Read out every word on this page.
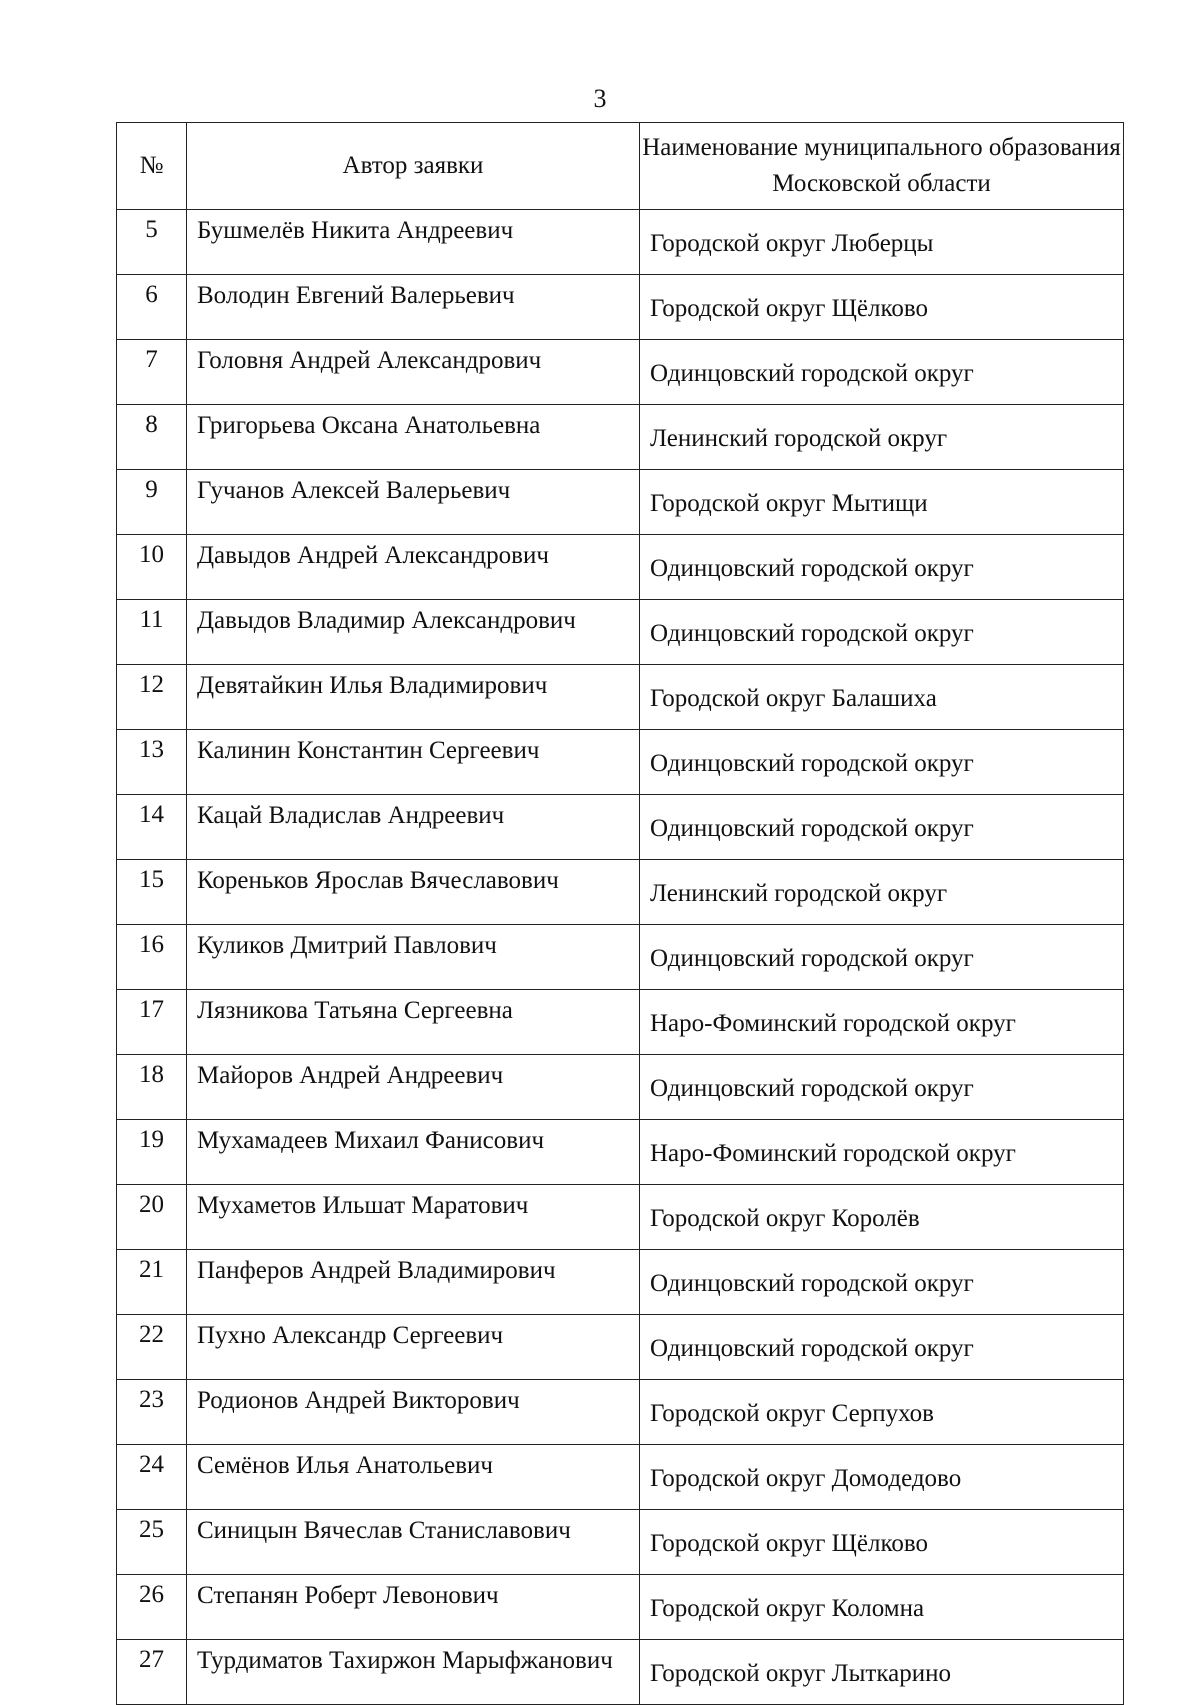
3
№	Автор заявки	Наименование муниципального образования Московской области
5	Бушмелёв Никита Андреевич	Городской округ Люберцы
6	Володин Евгений Валерьевич	Городской округ Щёлково
7	Головня Андрей Александрович	Одинцовский городской округ
8	Григорьева Оксана Анатольевна	Ленинский городской округ
9	Гучанов Алексей Валерьевич	Городской округ Мытищи
10	Давыдов Андрей Александрович	Одинцовский городской округ
11	Давыдов Владимир Александрович	Одинцовский городской округ
12	Девятайкин Илья Владимирович	Городской округ Балашиха
13	Калинин Константин Сергеевич	Одинцовский городской округ
14	Кацай Владислав Андреевич	Одинцовский городской округ
15	Кореньков Ярослав Вячеславович	Ленинский городской округ
16	Куликов Дмитрий Павлович	Одинцовский городской округ
17	Лязникова Татьяна Сергеевна	Наро-Фоминский городской округ
18	Майоров Андрей Андреевич	Одинцовский городской округ
19	Мухамадеев Михаил Фанисович	Наро-Фоминский городской округ
20	Мухаметов Ильшат Маратович	Городской округ Королёв
21	Панферов Андрей Владимирович	Одинцовский городской округ
22	Пухно Александр Сергеевич	Одинцовский городской округ
23	Родионов Андрей Викторович	Городской округ Серпухов
24	Семёнов Илья Анатольевич	Городской округ Домодедово
25	Синицын Вячеслав Станиславович	Городской округ Щёлково
26	Степанян Роберт Левонович	Городской округ Коломна
27	Турдиматов Тахиржон Марыфжанович	Городской округ Лыткарино
